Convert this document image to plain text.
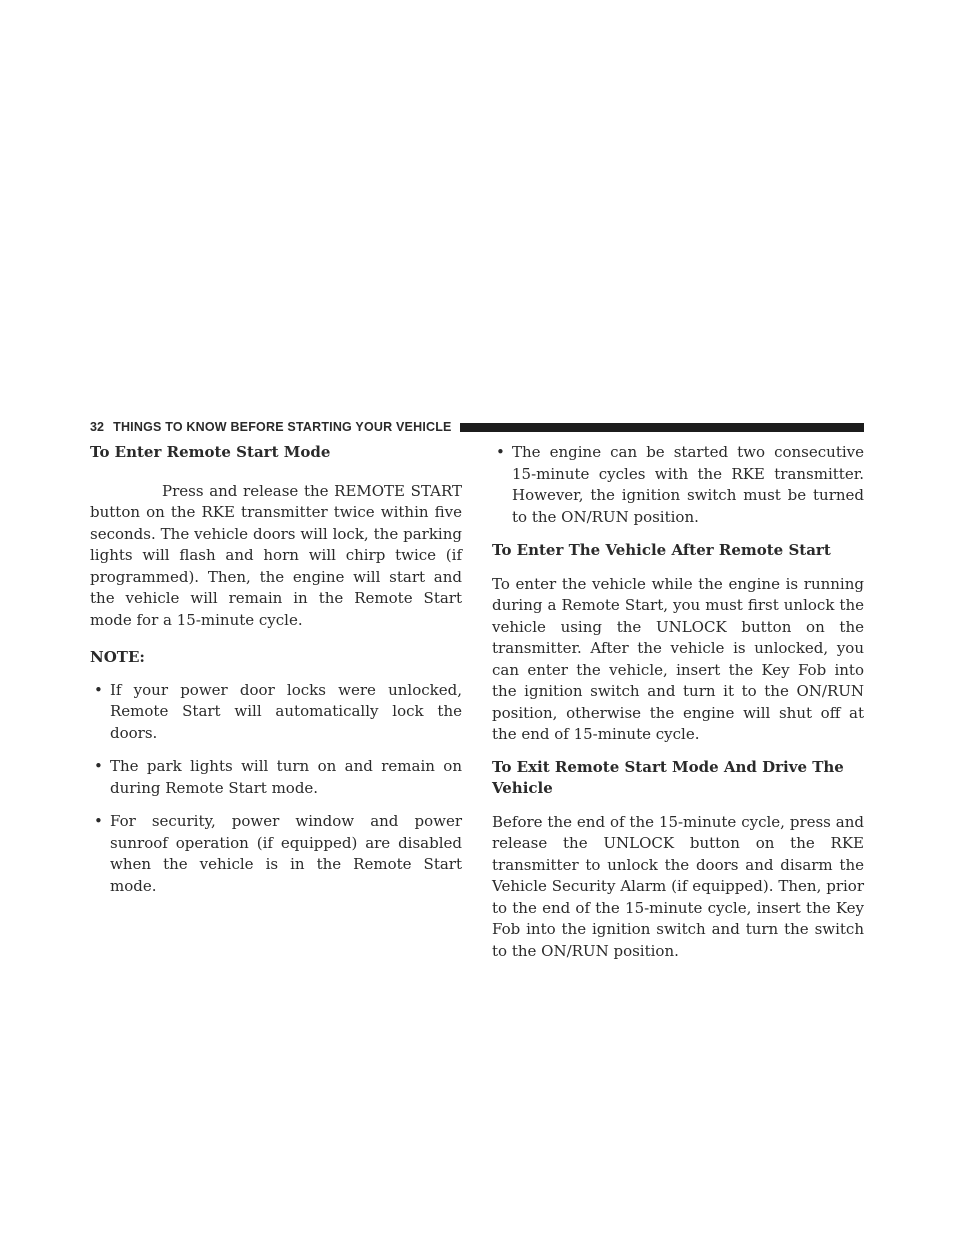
32 THINGS TO KNOW BEFORE STARTING YOUR VEHICLE
To Enter Remote Start Mode

Press and release the REMOTE START button on the RKE transmitter twice within five seconds. The vehicle doors will lock, the parking lights will flash and horn will chirp twice (if programmed). Then, the engine will start and the vehicle will remain in the Remote Start mode for a 15-minute cycle.

NOTE:
• If your power door locks were unlocked, Remote Start will automatically lock the doors.
• The park lights will turn on and remain on during Remote Start mode.
• For security, power window and power sunroof operation (if equipped) are disabled when the vehicle is in the Remote Start mode.
• The engine can be started two consecutive 15-minute cycles with the RKE transmitter. However, the ignition switch must be turned to the ON/RUN position.
To Enter The Vehicle After Remote Start

To enter the vehicle while the engine is running during a Remote Start, you must first unlock the vehicle using the UNLOCK button on the transmitter. After the vehicle is unlocked, you can enter the vehicle, insert the Key Fob into the ignition switch and turn it to the ON/RUN position, otherwise the engine will shut off at the end of 15-minute cycle.

To Exit Remote Start Mode And Drive The Vehicle

Before the end of the 15-minute cycle, press and release the UNLOCK button on the RKE transmitter to unlock the doors and disarm the Vehicle Security Alarm (if equipped). Then, prior to the end of the 15-minute cycle, insert the Key Fob into the ignition switch and turn the switch to the ON/RUN position.
